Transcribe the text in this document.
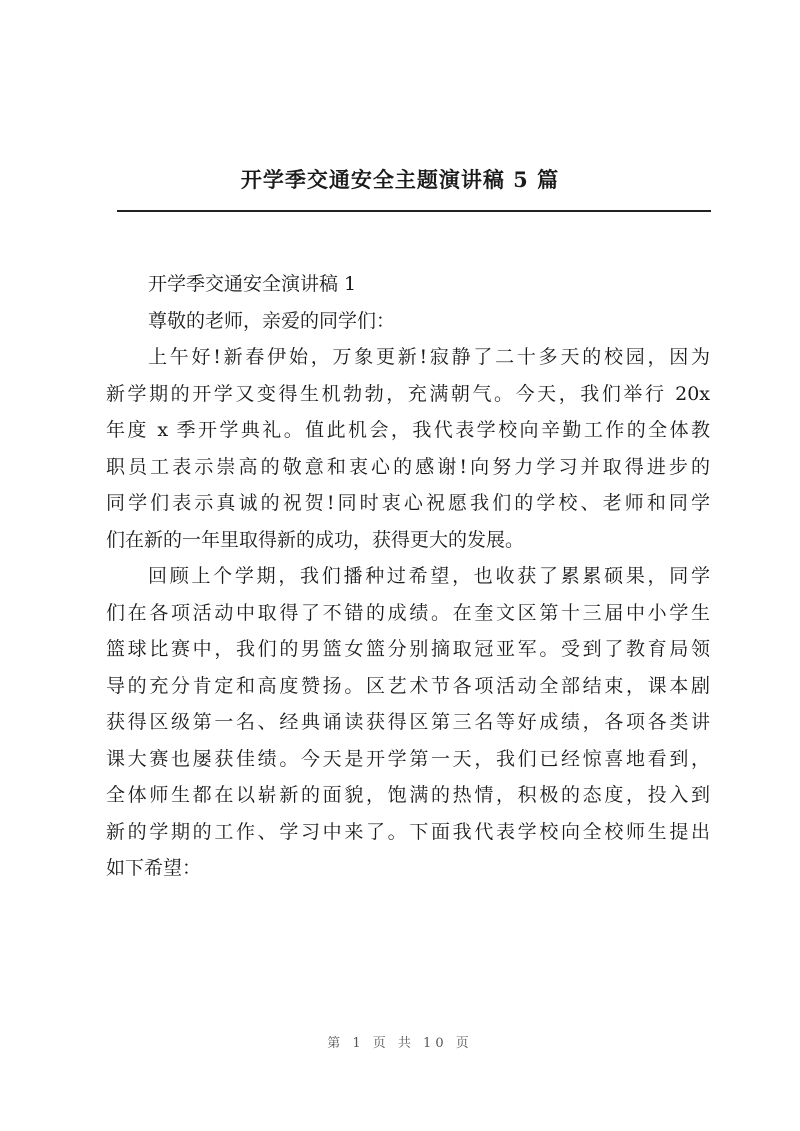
开学季交通安全主题演讲稿 5 篇
开学季交通安全演讲稿 1
尊敬的老师，亲爱的同学们：
上午好!新春伊始，万象更新!寂静了二十多天的校园，因为
新学期的开学又变得生机勃勃，充满朝气。今天，我们举行 20x
年度 x 季开学典礼。值此机会，我代表学校向辛勤工作的全体教
职员工表示崇高的敬意和衷心的感谢!向努力学习并取得进步的
同学们表示真诚的祝贺!同时衷心祝愿我们的学校、老师和同学
们在新的一年里取得新的成功，获得更大的发展。
回顾上个学期，我们播种过希望，也收获了累累硕果，同学
们在各项活动中取得了不错的成绩。在奎文区第十三届中小学生
篮球比赛中，我们的男篮女篮分别摘取冠亚军。受到了教育局领
导的充分肯定和高度赞扬。区艺术节各项活动全部结束，课本剧
获得区级第一名、经典诵读获得区第三名等好成绩，各项各类讲
课大赛也屡获佳绩。今天是开学第一天，我们已经惊喜地看到，
全体师生都在以崭新的面貌，饱满的热情，积极的态度，投入到
新的学期的工作、学习中来了。下面我代表学校向全校师生提出
如下希望：
第 1 页 共 10 页
